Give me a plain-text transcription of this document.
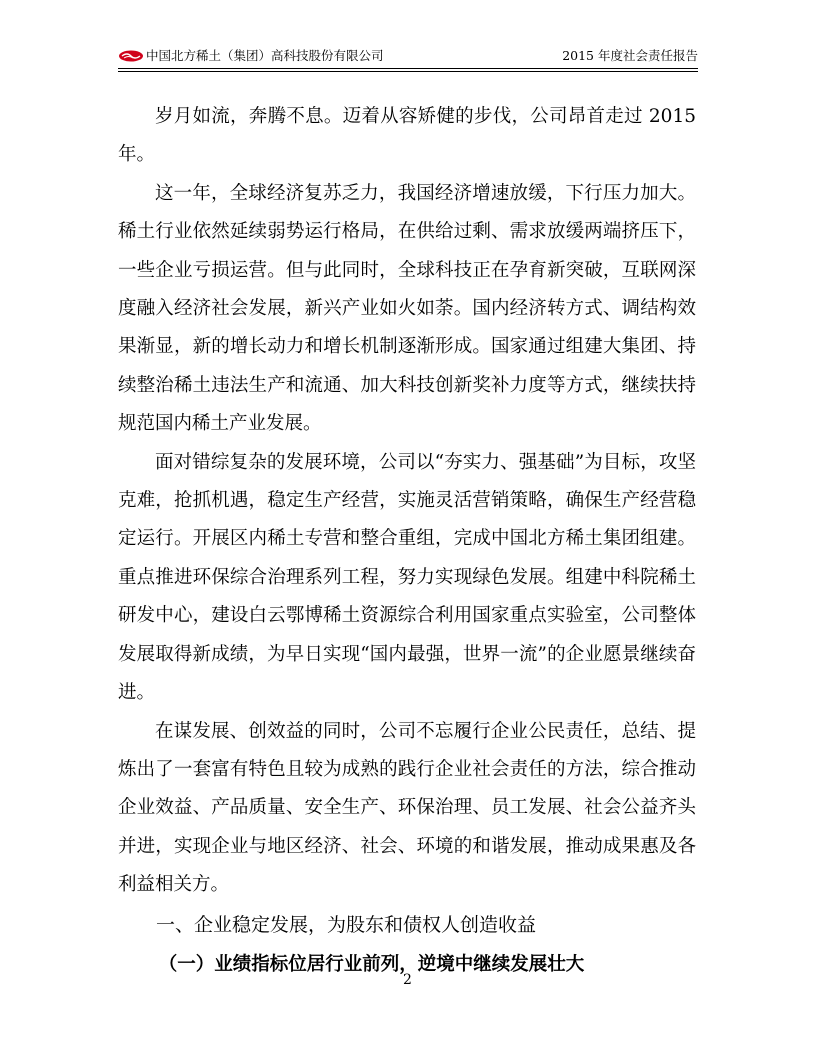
中国北方稀土（集团）高科技股份有限公司	2015 年度社会责任报告

岁月如流，奔腾不息。迈着从容矫健的步伐，公司昂首走过 2015 年。

这一年，全球经济复苏乏力，我国经济增速放缓，下行压力加大。稀土行业依然延续弱势运行格局，在供给过剩、需求放缓两端挤压下，一些企业亏损运营。但与此同时，全球科技正在孕育新突破，互联网深度融入经济社会发展，新兴产业如火如荼。国内经济转方式、调结构效果渐显，新的增长动力和增长机制逐渐形成。国家通过组建大集团、持续整治稀土违法生产和流通、加大科技创新奖补力度等方式，继续扶持规范国内稀土产业发展。

面对错综复杂的发展环境，公司以“夯实力、强基础”为目标，攻坚克难，抢抓机遇，稳定生产经营，实施灵活营销策略，确保生产经营稳定运行。开展区内稀土专营和整合重组，完成中国北方稀土集团组建。重点推进环保综合治理系列工程，努力实现绿色发展。组建中科院稀土研发中心，建设白云鄂博稀土资源综合利用国家重点实验室，公司整体发展取得新成绩，为早日实现“国内最强，世界一流”的企业愿景继续奋进。

在谋发展、创效益的同时，公司不忘履行企业公民责任，总结、提炼出了一套富有特色且较为成熟的践行企业社会责任的方法，综合推动企业效益、产品质量、安全生产、环保治理、员工发展、社会公益齐头并进，实现企业与地区经济、社会、环境的和谐发展，推动成果惠及各利益相关方。

一、企业稳定发展，为股东和债权人创造收益
（一）业绩指标位居行业前列，逆境中继续发展壮大
2
